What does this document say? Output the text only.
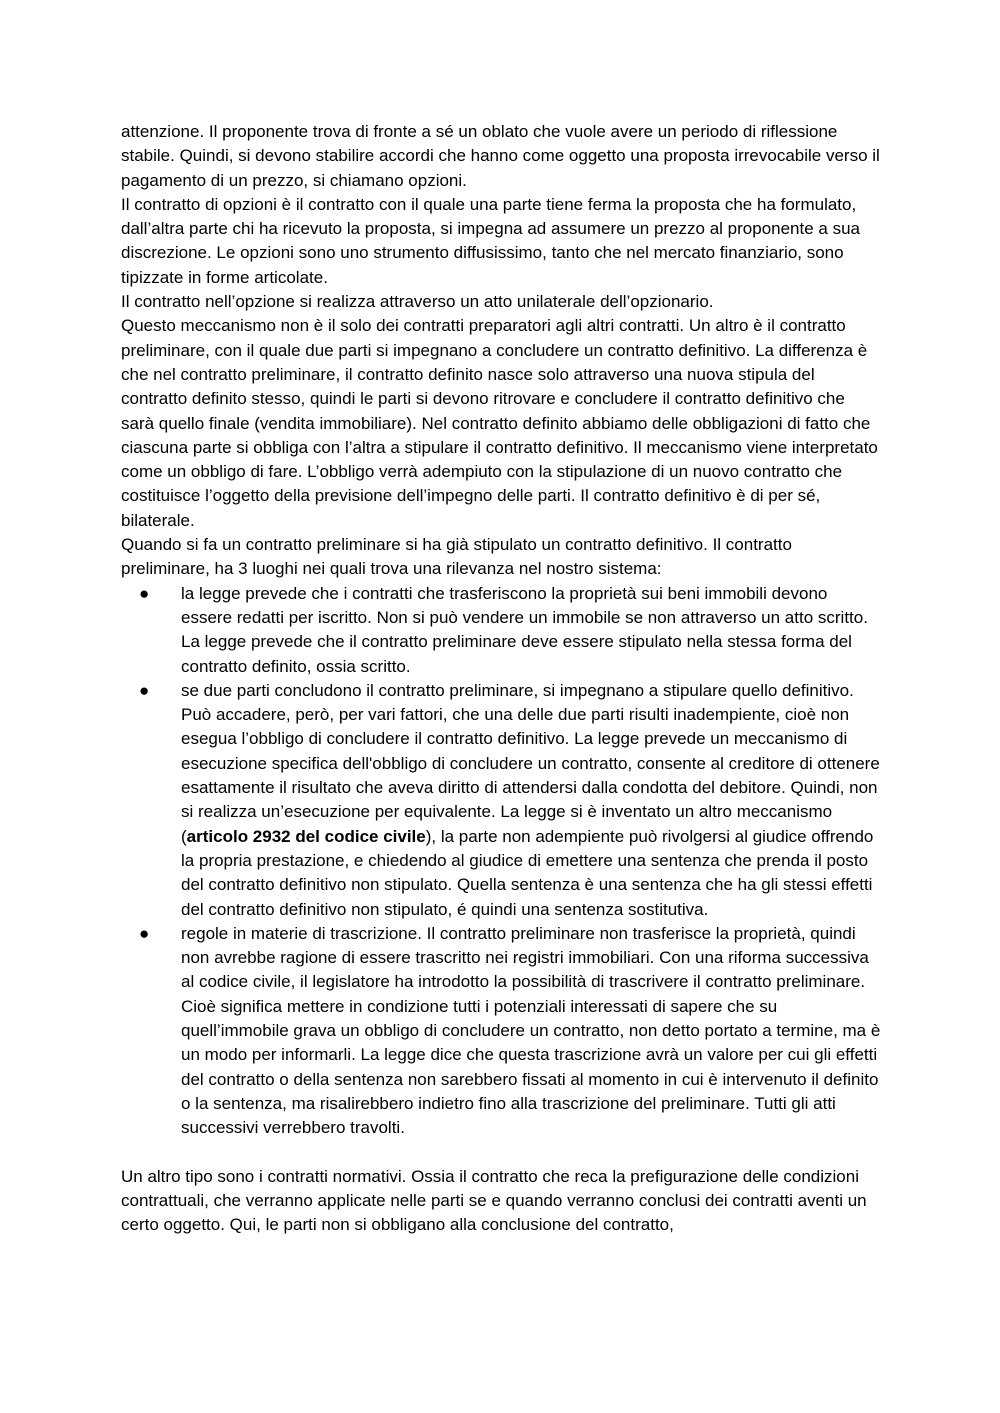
attenzione. Il proponente trova di fronte a sé un oblato che vuole avere un periodo di riflessione stabile. Quindi, si devono stabilire accordi che hanno come oggetto una proposta irrevocabile verso il pagamento di un prezzo, si chiamano opzioni.

Il contratto di opzioni è il contratto con il quale una parte tiene ferma la proposta che ha formulato, dall’altra parte chi ha ricevuto la proposta, si impegna ad assumere un prezzo al proponente a sua discrezione. Le opzioni sono uno strumento diffusissimo, tanto che nel mercato finanziario, sono tipizzate in forme articolate.

Il contratto nell’opzione si realizza attraverso un atto unilaterale dell’opzionario.

Questo meccanismo non è il solo dei contratti preparatori agli altri contratti. Un altro è il contratto preliminare, con il quale due parti si impegnano a concludere un contratto definitivo. La differenza è che nel contratto preliminare, il contratto definito nasce solo attraverso una nuova stipula del contratto definito stesso, quindi le parti si devono ritrovare e concludere il contratto definitivo che sarà quello finale (vendita immobiliare). Nel contratto definito abbiamo delle obbligazioni di fatto che ciascuna parte si obbliga con l’altra a stipulare il contratto definitivo. Il meccanismo viene interpretato come un obbligo di fare. L’obbligo verrà adempiuto con la stipulazione di un nuovo contratto che costituisce l’oggetto della previsione dell’impegno delle parti. Il contratto definitivo è di per sé, bilaterale.

Quando si fa un contratto preliminare si ha già stipulato un contratto definitivo. Il contratto preliminare, ha 3 luoghi nei quali trova una rilevanza nel nostro sistema:

● la legge prevede che i contratti che trasferiscono la proprietà sui beni immobili devono essere redatti per iscritto. Non si può vendere un immobile se non attraverso un atto scritto. La legge prevede che il contratto preliminare deve essere stipulato nella stessa forma del contratto definito, ossia scritto.
● se due parti concludono il contratto preliminare, si impegnano a stipulare quello definitivo. Può accadere, però, per vari fattori, che una delle due parti risulti inadempiente, cioè non esegua l’obbligo di concludere il contratto definitivo. La legge prevede un meccanismo di esecuzione specifica dell'obbligo di concludere un contratto, consente al creditore di ottenere esattamente il risultato che aveva diritto di attendersi dalla condotta del debitore. Quindi, non si realizza un’esecuzione per equivalente. La legge si è inventato un altro meccanismo (articolo 2932 del codice civile), la parte non adempiente può rivolgersi al giudice offrendo la propria prestazione, e chiedendo al giudice di emettere una sentenza che prenda il posto del contratto definitivo non stipulato. Quella sentenza è una sentenza che ha gli stessi effetti del contratto definitivo non stipulato, é quindi una sentenza sostitutiva.
● regole in materie di trascrizione. Il contratto preliminare non trasferisce la proprietà, quindi non avrebbe ragione di essere trascritto nei registri immobiliari. Con una riforma successiva al codice civile, il legislatore ha introdotto la possibilità di trascrivere il contratto preliminare. Cioè significa mettere in condizione tutti i potenziali interessati di sapere che su quell’immobile grava un obbligo di concludere un contratto, non detto portato a termine, ma è un modo per informarli. La legge dice che questa trascrizione avrà un valore per cui gli effetti del contratto o della sentenza non sarebbero fissati al momento in cui è intervenuto il definito o la sentenza, ma risalirebbero indietro fino alla trascrizione del preliminare. Tutti gli atti successivi verrebbero travolti.

Un altro tipo sono i contratti normativi. Ossia il contratto che reca la prefigurazione delle condizioni contrattuali, che verranno applicate nelle parti se e quando verranno conclusi dei contratti aventi un certo oggetto. Qui, le parti non si obbligano alla conclusione del contratto,
